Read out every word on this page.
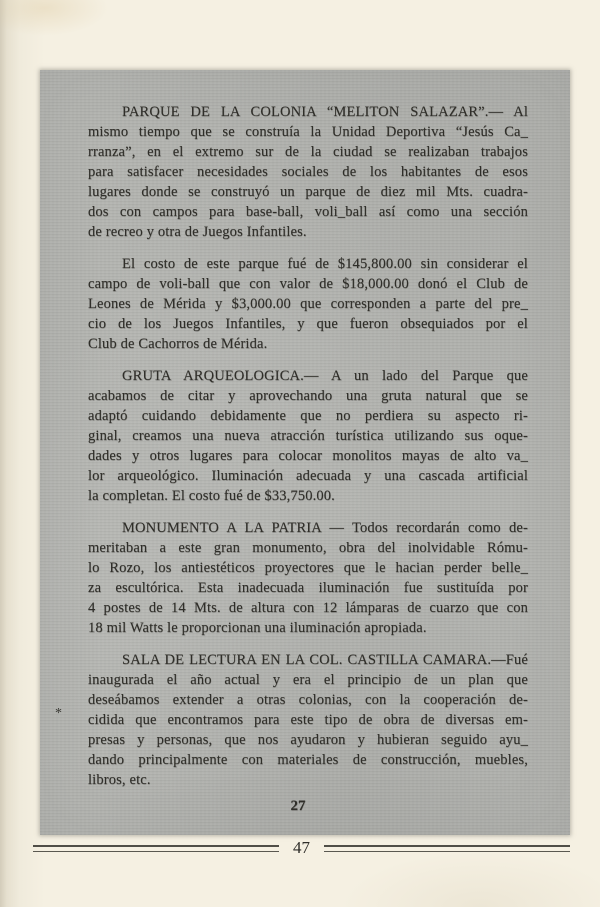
PARQUE DE LA COLONIA “MELITON SALAZAR”.— Al
mismo tiempo que se construía la Unidad Deportiva “Jesús Ca_
rranza”, en el extremo sur de la ciudad se realizaban trabajos
para satisfacer necesidades sociales de los habitantes de esos
lugares donde se construyó un parque de diez mil Mts. cuadra-
dos con campos para base-ball, voli_ball así como una sección
de recreo y otra de Juegos Infantiles.
El costo de este parque fué de $145,800.00 sin considerar el
campo de voli-ball que con valor de $18,000.00 donó el Club de
Leones de Mérida y $3,000.00 que corresponden a parte del pre_
cio de los Juegos Infantiles, y que fueron obsequiados por el
Club de Cachorros de Mérida.
GRUTA ARQUEOLOGICA.— A un lado del Parque que
acabamos de citar y aprovechando una gruta natural que se
adaptó cuidando debidamente que no perdiera su aspecto ri-
ginal, creamos una nueva atracción turística utilizando sus oque-
dades y otros lugares para colocar monolitos mayas de alto va_
lor arqueológico. Iluminación adecuada y una cascada artificial
la completan. El costo fué de $33,750.00.
MONUMENTO A LA PATRIA — Todos recordarán como de-
meritaban a este gran monumento, obra del inolvidable Rómu-
lo Rozo, los antiestéticos proyectores que le hacian perder belle_
za escultórica. Esta inadecuada iluminación fue sustituída por
4 postes de 14 Mts. de altura con 12 lámparas de cuarzo que con
18 mil Watts le proporcionan una iluminación apropiada.
SALA DE LECTURA EN LA COL. CASTILLA CAMARA.—Fué
inaugurada el año actual y era el principio de un plan que
deseábamos extender a otras colonias, con la cooperación de-
cidida que encontramos para este tipo de obra de diversas em-
presas y personas, que nos ayudaron y hubieran seguido ayu_
dando principalmente con materiales de construcción, muebles,
libros, etc.
*
27
47
